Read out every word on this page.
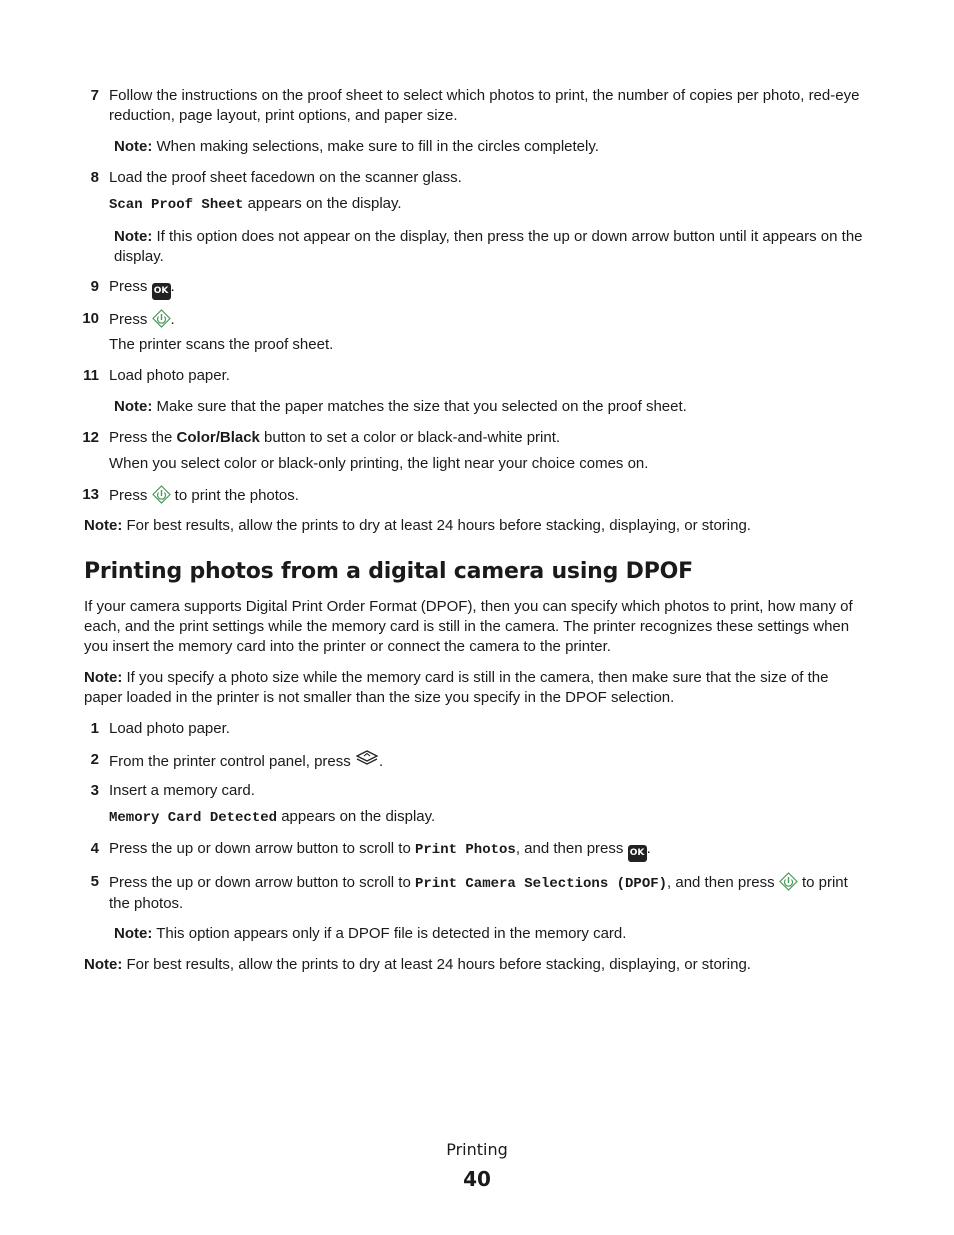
7 Follow the instructions on the proof sheet to select which photos to print, the number of copies per photo, red-eye reduction, page layout, print options, and paper size.
Note: When making selections, make sure to fill in the circles completely.
8 Load the proof sheet facedown on the scanner glass.
Scan Proof Sheet appears on the display.
Note: If this option does not appear on the display, then press the up or down arrow button until it appears on the display.
9 Press OK .
10 Press
.
The printer scans the proof sheet.
11 Load photo paper.
Note: Make sure that the paper matches the size that you selected on the proof sheet.
12 Press the Color/Black button to set a color or black-and-white print.
When you select color or black-only printing, the light near your choice comes on.
13 Press
to print the photos.
Note: For best results, allow the prints to dry at least 24 hours before stacking, displaying, or storing.
Printing photos from a digital camera using DPOF
If your camera supports Digital Print Order Format (DPOF), then you can specify which photos to print, how many of each, and the print settings while the memory card is still in the camera. The printer recognizes these settings when you insert the memory card into the printer or connect the camera to the printer.
Note: If you specify a photo size while the memory card is still in the camera, then make sure that the size of the paper loaded in the printer is not smaller than the size you specify in the DPOF selection.
1 Load photo paper.
2 From the printer control panel, press
.
3 Insert a memory card.
Memory Card Detected appears on the display.
4 Press the up or down arrow button to scroll to Print Photos, and then press OK .
5 Press the up or down arrow button to scroll to Print Camera Selections (DPOF), and then press
to print the photos.
Note: This option appears only if a DPOF file is detected in the memory card.
Note: For best results, allow the prints to dry at least 24 hours before stacking, displaying, or storing.
Printing
40
